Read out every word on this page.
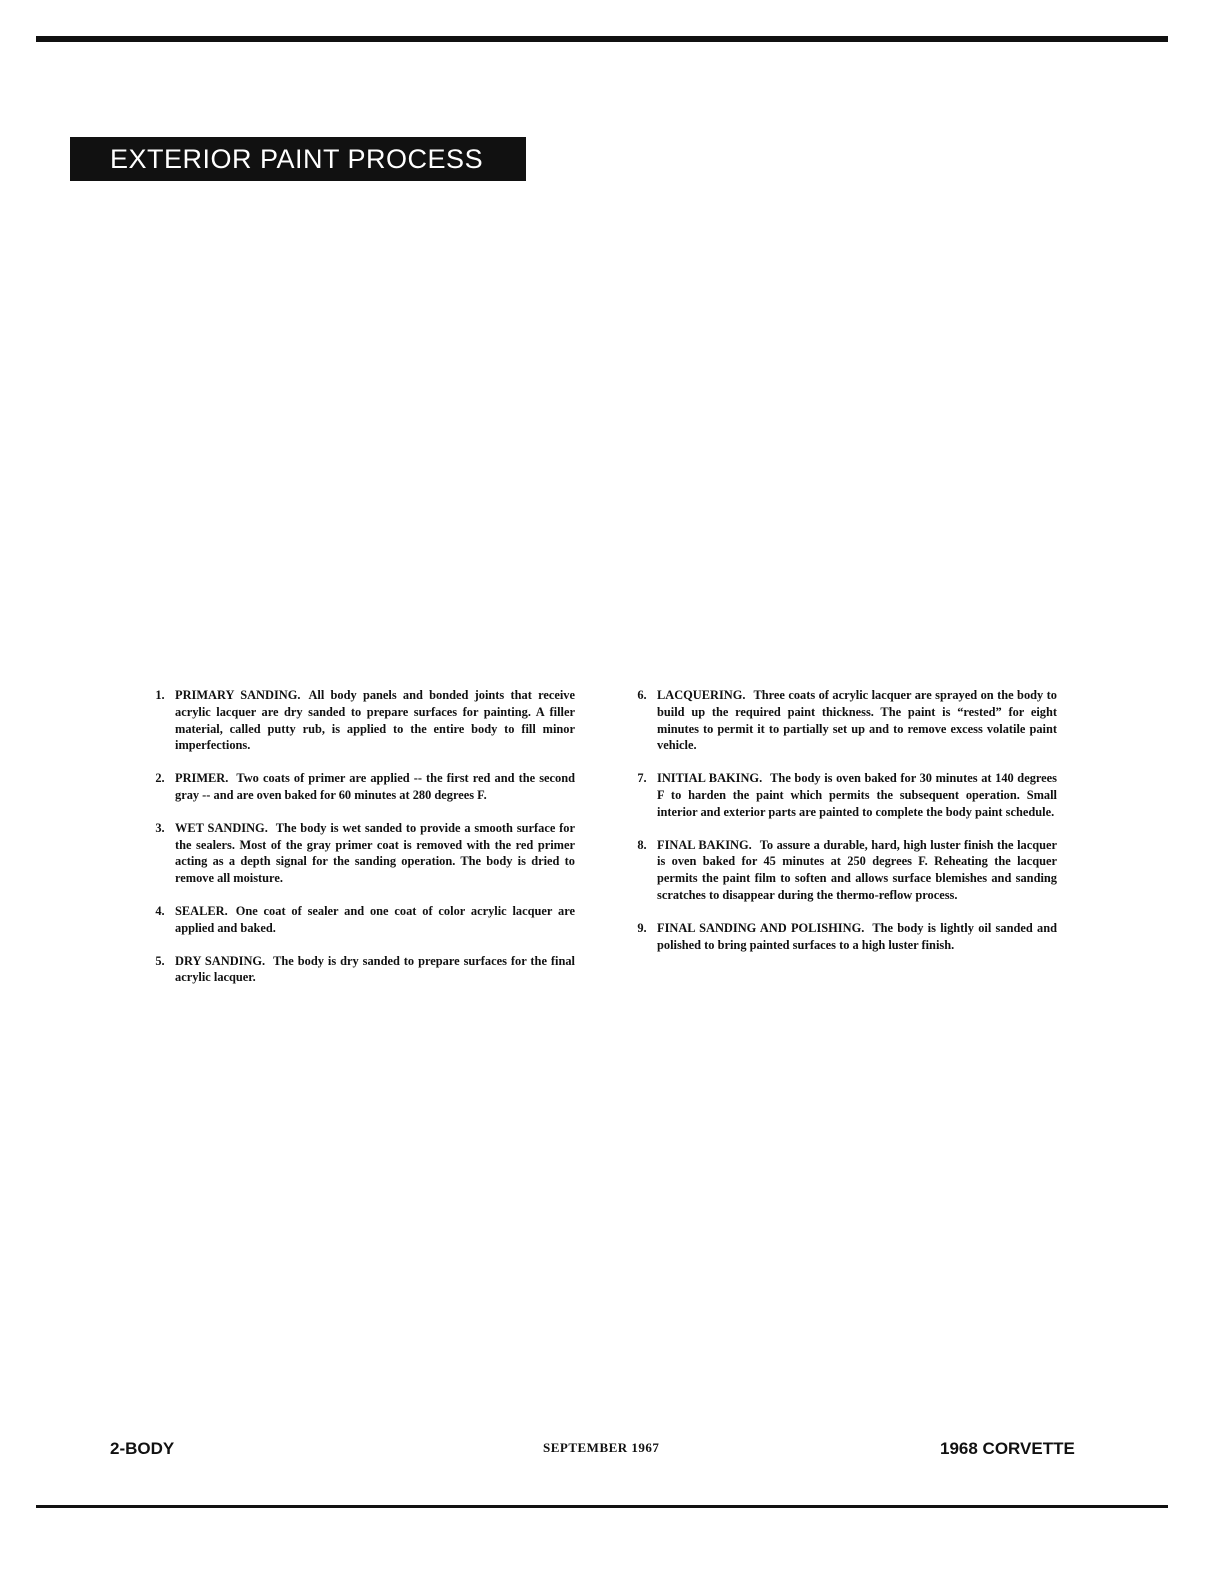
EXTERIOR PAINT PROCESS
1. PRIMARY SANDING. All body panels and bonded joints that receive acrylic lacquer are dry sanded to prepare surfaces for painting. A filler material, called putty rub, is applied to the entire body to fill minor imperfections.
2. PRIMER. Two coats of primer are applied -- the first red and the second gray -- and are oven baked for 60 minutes at 280 degrees F.
3. WET SANDING. The body is wet sanded to provide a smooth surface for the sealers. Most of the gray primer coat is removed with the red primer acting as a depth signal for the sanding operation. The body is dried to remove all moisture.
4. SEALER. One coat of sealer and one coat of color acrylic lacquer are applied and baked.
5. DRY SANDING. The body is dry sanded to prepare surfaces for the final acrylic lacquer.
6. LACQUERING. Three coats of acrylic lacquer are sprayed on the body to build up the required paint thickness. The paint is “rested” for eight minutes to permit it to partially set up and to remove excess volatile paint vehicle.
7. INITIAL BAKING. The body is oven baked for 30 minutes at 140 degrees F to harden the paint which permits the subsequent operation. Small interior and exterior parts are painted to complete the body paint schedule.
8. FINAL BAKING. To assure a durable, hard, high luster finish the lacquer is oven baked for 45 minutes at 250 degrees F. Reheating the lacquer permits the paint film to soften and allows surface blemishes and sanding scratches to disappear during the thermo-reflow process.
9. FINAL SANDING AND POLISHING. The body is lightly oil sanded and polished to bring painted surfaces to a high luster finish.
2-BODY	SEPTEMBER 1967	1968 CORVETTE
